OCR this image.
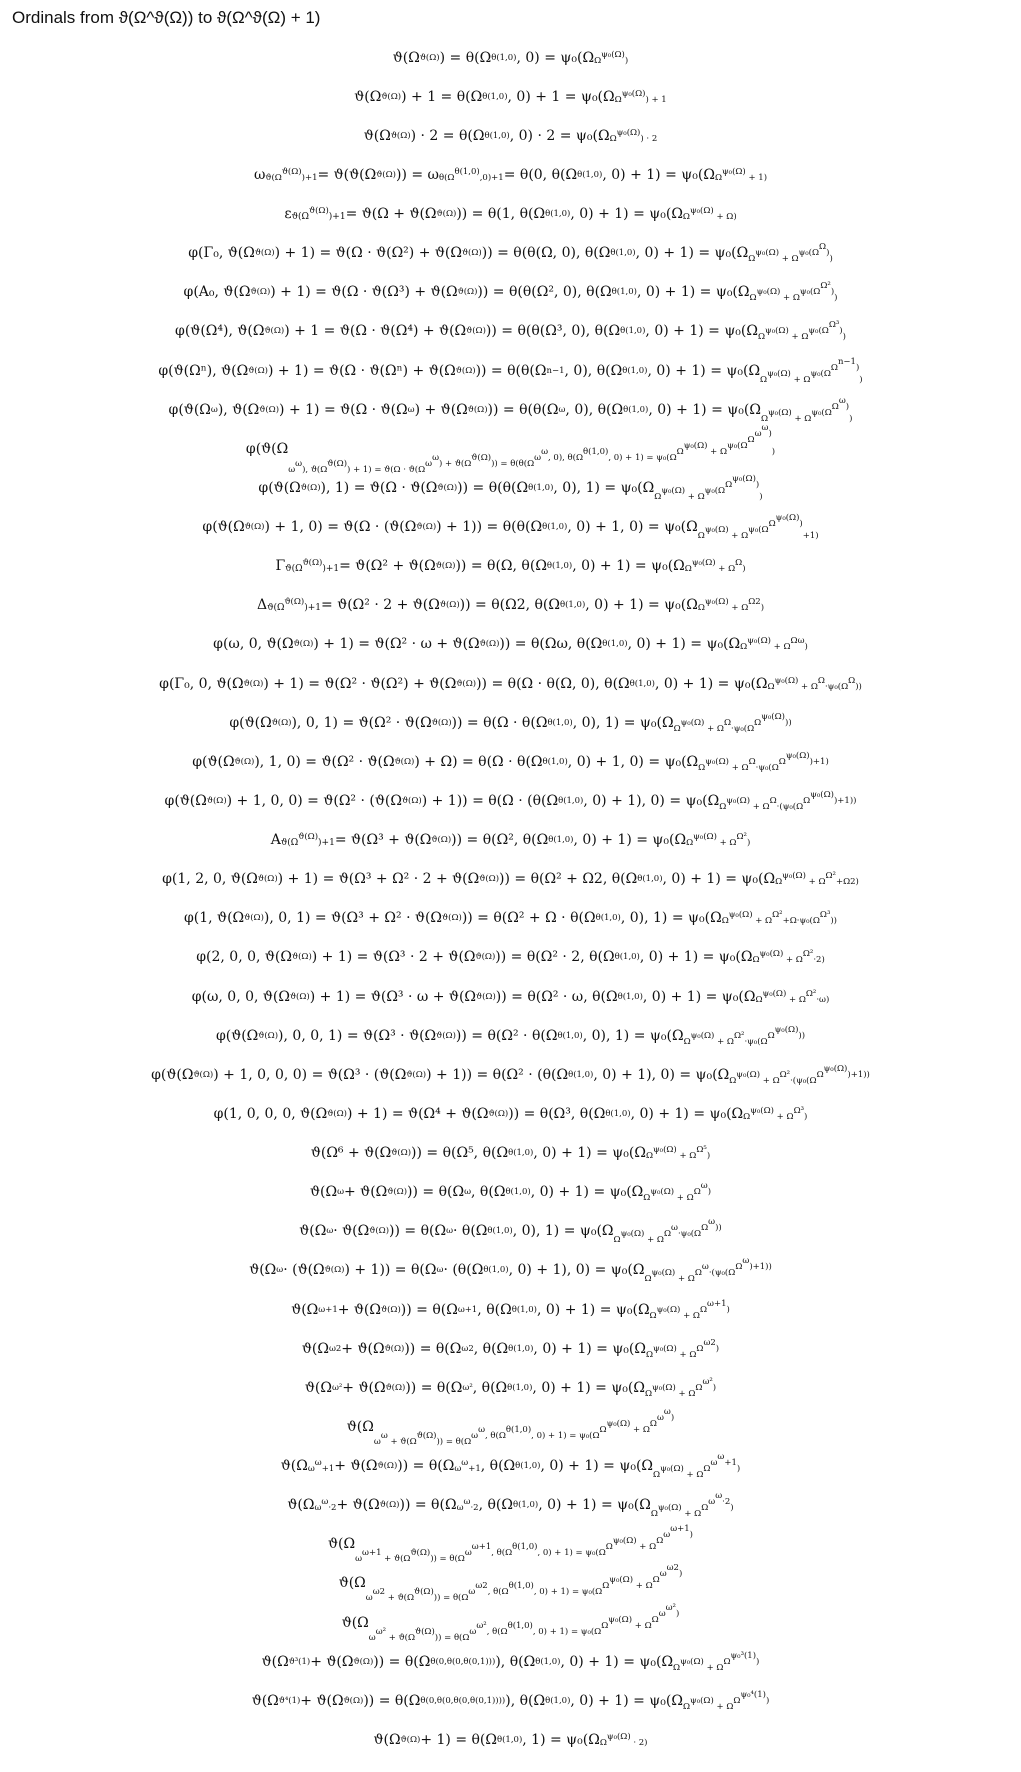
Ordinals from ϑ(Ω^ϑ(Ω)) to ϑ(Ω^ϑ(Ω) + 1)
ϑ(Ω ϑ(Ω) ) = θ(Ω θ(1,0) , 0) = ψ₀(Ω $\Omega^{\psi_0(\Omega)}$)
ϑ(Ω ϑ(Ω) ) + 1 = θ(Ω θ(1,0) , 0) + 1 = ψ₀(Ω $\Omega^{\psi_0(\Omega)}) + 1$
ϑ(Ω ϑ(Ω) ) · 2 = θ(Ω θ(1,0) , 0) · 2 = ψ₀(Ω $\Omega^{\psi_0(\Omega)}) \cdot 2$
ω $ϑ(\Omega^{ϑ(\Omega)})+1 = ϑ(ϑ(\Omega$ ϑ(Ω) )) = ω $\theta(\Omega^{\theta(1,0)},0)+1 = \theta(0$, θ(Ω θ(1,0) , 0) + 1) = ψ₀(Ω $\Omega^{\psi_0(\Omega)} + 1$)
ε $ϑ(\Omega^{ϑ(\Omega)})+1 = ϑ(\Omega + ϑ(\Omega$ ϑ(Ω) )) = θ(1, θ(Ω θ(1,0) , 0) + 1) = ψ₀(Ω $\Omega^{\psi_0(\Omega)} + \Omega$)
φ(Γ₀, ϑ(Ω ϑ(Ω) ) + 1) = ϑ(Ω · ϑ(Ω²) + ϑ(Ω ϑ(Ω) )) = θ(θ(Ω, 0), θ(Ω θ(1,0) , 0) + 1) = ψ₀(Ω $\Omega^{\psi_0(\Omega)} + \Omega^{\psi_0(\Omega^\Omega)}$)
φ(A₀, ϑ(Ω ϑ(Ω) ) + 1) = ϑ(Ω · ϑ(Ω³) + ϑ(Ω ϑ(Ω) )) = θ(θ(Ω², 0), θ(Ω θ(1,0) , 0) + 1) = ψ₀(Ω $\Omega^{\psi_0(\Omega)} + \Omega^{\psi_0(\Omega^{\Omega^2})}$)
φ(ϑ(Ω⁴), ϑ(Ω ϑ(Ω) ) + 1 = ϑ(Ω · ϑ(Ω⁴) + ϑ(Ω ϑ(Ω) )) = θ(θ(Ω³, 0), θ(Ω θ(1,0) , 0) + 1) = ψ₀(Ω $\Omega^{\psi_0(\Omega)} + \Omega^{\psi_0(\Omega^{\Omega^3})}$)
φ(ϑ(Ωⁿ), ϑ(Ω ϑ(Ω) ) + 1) = ϑ(Ω · ϑ(Ωⁿ) + ϑ(Ω ϑ(Ω) )) = θ(θ(Ω n−1 , 0), θ(Ω θ(1,0) , 0) + 1) = ψ₀(Ω
$\Omega^{\psi_0(\Omega)} + \Omega^{\psi_0(\Omega^{\Omega^{n-1})}}$)
φ(ϑ(Ω ω ), ϑ(Ω ϑ(Ω) ) + 1) = ϑ(Ω · ϑ(Ω ω ) + ϑ(Ω ϑ(Ω) )) = θ(θ(Ω ω , 0), θ(Ω θ(1,0) , 0) + 1) = ψ₀(Ω
$\Omega^{\psi_0(\Omega)} + \Omega^{\psi_0(\Omega^{\Omega^\omega)}}$)
φ(ϑ(Ω
$\omega^\omega$), $ϑ(\Omega^{ϑ(\Omega)}) + 1) = ϑ(\Omega \cdot ϑ(\Omega^{\omega^\omega) + ϑ(\Omega^{ϑ(\Omega)})) = \theta(\theta(\Omega^{\omega^\omega, 0), \theta(\Omega^{\theta(1,0)}, 0) + 1) = \psi_0(\Omega^{\Omega^{\psi_0(\Omega)} + \Omega^{\psi_0(\Omega^{\Omega^{\omega^\omega)}}})}}}$
φ(ϑ(Ω ϑ(Ω) ), 1) = ϑ(Ω · ϑ(Ω ϑ(Ω) )) = θ(θ(Ω θ(1,0) , 0), 1) = ψ₀(Ω
$\Omega^{\psi_0(\Omega)} + \Omega^{\psi_0(\Omega^{\Omega^{\psi_0(\Omega)})}}$)
φ(ϑ(Ω ϑ(Ω) ) + 1, 0) = ϑ(Ω · (ϑ(Ω ϑ(Ω) ) + 1)) = θ(θ(Ω θ(1,0) , 0) + 1, 0) = ψ₀(Ω
$\Omega^{\psi_0(\Omega)} + \Omega^{\psi_0(\Omega^{\Omega^{\psi_0(\Omega)})}}+1$)
Γ $ϑ(\Omega^{ϑ(\Omega)})+1 = ϑ(\Omega^2 + ϑ(\Omega$ ϑ(Ω) )) = θ(Ω, θ(Ω θ(1,0) , 0) + 1) = ψ₀(Ω $\Omega^{\psi_0(\Omega)} + \Omega^\Omega$)
Δ $ϑ(\Omega^{ϑ(\Omega)})+1 = ϑ(\Omega^2 \cdot 2 + ϑ(\Omega$ ϑ(Ω) )) = θ(Ω2, θ(Ω θ(1,0) , 0) + 1) = ψ₀(Ω $\Omega^{\psi_0(\Omega)} + \Omega^{\Omega 2}$)
φ(ω, 0, ϑ(Ω ϑ(Ω) ) + 1) = ϑ(Ω² · ω + ϑ(Ω ϑ(Ω) )) = θ(Ωω, θ(Ω θ(1,0) , 0) + 1) = ψ₀(Ω $\Omega^{\psi_0(\Omega)} + \Omega^{\Omega\omega}$)
φ(Γ₀, 0, ϑ(Ω ϑ(Ω) ) + 1) = ϑ(Ω² · ϑ(Ω²) + ϑ(Ω ϑ(Ω) )) = θ(Ω · θ(Ω, 0), θ(Ω θ(1,0) , 0) + 1) = ψ₀(Ω $\Omega^{\psi_0(\Omega)} + \Omega^\Omega\cdot\psi_0(\Omega^\Omega)$)
φ(ϑ(Ω ϑ(Ω) ), 0, 1) = ϑ(Ω² · ϑ(Ω ϑ(Ω) )) = θ(Ω · θ(Ω θ(1,0) , 0), 1) = ψ₀(Ω $\Omega^{\psi_0(\Omega)} + \Omega^\Omega\cdot\psi_0(\Omega^{\Omega^{\psi_0(\Omega)}))}$
φ(ϑ(Ω ϑ(Ω) ), 1, 0) = ϑ(Ω² · ϑ(Ω ϑ(Ω) ) + Ω) = θ(Ω · θ(Ω θ(1,0) , 0) + 1, 0) = ψ₀(Ω $\Omega^{\psi_0(\Omega)} + \Omega^\Omega\cdot\psi_0(\Omega^{\Omega^{\psi_0(\Omega)})+1)}$
φ(ϑ(Ω ϑ(Ω) ) + 1, 0, 0) = ϑ(Ω² · (ϑ(Ω ϑ(Ω) ) + 1)) = θ(Ω · (θ(Ω θ(1,0) , 0) + 1), 0) = ψ₀(Ω $\Omega^{\psi_0(\Omega)} + \Omega^\Omega\cdot(\psi_0(\Omega^{\Omega^{\psi_0(\Omega)})+1))}$
A $ϑ(\Omega^{ϑ(\Omega)})+1 = ϑ(\Omega^3 + ϑ(\Omega$ ϑ(Ω) )) = θ(Ω², θ(Ω θ(1,0) , 0) + 1) = ψ₀(Ω $\Omega^{\psi_0(\Omega)} + \Omega^{\Omega^2}$)
φ(1, 2, 0, ϑ(Ω ϑ(Ω) ) + 1) = ϑ(Ω³ + Ω² · 2 + ϑ(Ω ϑ(Ω) )) = θ(Ω² + Ω2, θ(Ω θ(1,0) , 0) + 1) = ψ₀(Ω $\Omega^{\psi_0(\Omega)} + \Omega^{\Omega^2}+\Omega 2$)
φ(1, ϑ(Ω ϑ(Ω) ), 0, 1) = ϑ(Ω³ + Ω² · ϑ(Ω ϑ(Ω) )) = θ(Ω² + Ω · θ(Ω θ(1,0) , 0), 1) = ψ₀(Ω $\Omega^{\psi_0(\Omega)} + \Omega^{\Omega^2}+\Omega\cdot\psi_0(\Omega^{\Omega^3})$)
φ(2, 0, 0, ϑ(Ω ϑ(Ω) ) + 1) = ϑ(Ω³ · 2 + ϑ(Ω ϑ(Ω) )) = θ(Ω² · 2, θ(Ω θ(1,0) , 0) + 1) = ψ₀(Ω $\Omega^{\psi_0(\Omega)} + \Omega^{\Omega^2}\cdot 2$)
φ(ω, 0, 0, ϑ(Ω ϑ(Ω) ) + 1) = ϑ(Ω³ · ω + ϑ(Ω ϑ(Ω) )) = θ(Ω² · ω, θ(Ω θ(1,0) , 0) + 1) = ψ₀(Ω $\Omega^{\psi_0(\Omega)} + \Omega^{\Omega^2}\cdot\omega$)
φ(ϑ(Ω ϑ(Ω) ), 0, 0, 1) = ϑ(Ω³ · ϑ(Ω ϑ(Ω) )) = θ(Ω² · θ(Ω θ(1,0) , 0), 1) = ψ₀(Ω $\Omega^{\psi_0(\Omega)} + \Omega^{\Omega^2}\cdot\psi_0(\Omega^{\Omega^{\psi_0(\Omega)}))}$
φ(ϑ(Ω ϑ(Ω) ) + 1, 0, 0, 0) = ϑ(Ω³ · (ϑ(Ω ϑ(Ω) ) + 1)) = θ(Ω² · (θ(Ω θ(1,0) , 0) + 1), 0) = ψ₀(Ω $\Omega^{\psi_0(\Omega)} + \Omega^{\Omega^2}\cdot(\psi_0(\Omega^{\Omega^{\psi_0(\Omega)})+1))}$
φ(1, 0, 0, 0, ϑ(Ω ϑ(Ω) ) + 1) = ϑ(Ω⁴ + ϑ(Ω ϑ(Ω) )) = θ(Ω³, θ(Ω θ(1,0) , 0) + 1) = ψ₀(Ω $\Omega^{\psi_0(\Omega)} + \Omega^{\Omega^3}$)
ϑ(Ω⁶ + ϑ(Ω ϑ(Ω) )) = θ(Ω⁵, θ(Ω θ(1,0) , 0) + 1) = ψ₀(Ω $\Omega^{\psi_0(\Omega)} + \Omega^{\Omega^5}$)
ϑ(Ω ω + ϑ(Ω ϑ(Ω) )) = θ(Ω ω , θ(Ω θ(1,0) , 0) + 1) = ψ₀(Ω $\Omega^{\psi_0(\Omega)} + \Omega^{\Omega^\omega)}$
ϑ(Ω ω · ϑ(Ω ϑ(Ω) )) = θ(Ω ω · θ(Ω θ(1,0) , 0), 1) = ψ₀(Ω
$\Omega^{\psi_0(\Omega)} + \Omega^{\Omega^\omega\cdot\psi_0(\Omega^{\Omega^\omega))}}$
ϑ(Ω ω · (ϑ(Ω ϑ(Ω) ) + 1)) = θ(Ω ω · (θ(Ω θ(1,0) , 0) + 1), 0) = ψ₀(Ω
$\Omega^{\psi_0(\Omega)} + \Omega^{\Omega^\omega\cdot(\psi_0(\Omega^{\Omega^\omega)+1))}}$
ϑ(Ω ω+1 + ϑ(Ω ϑ(Ω) )) = θ(Ω ω+1 , θ(Ω θ(1,0) , 0) + 1) = ψ₀(Ω $\Omega^{\psi_0(\Omega)} + \Omega^{\Omega^{\omega+1})}$
ϑ(Ω ω2 + ϑ(Ω ϑ(Ω) )) = θ(Ω ω2 , θ(Ω θ(1,0) , 0) + 1) = ψ₀(Ω $\Omega^{\psi_0(\Omega)} + \Omega^{\Omega^{\omega 2})}$
ϑ(Ω ω² + ϑ(Ω ϑ(Ω) )) = θ(Ω ω² , θ(Ω θ(1,0) , 0) + 1) = ψ₀(Ω $\Omega^{\psi_0(\Omega)} + \Omega^{\Omega^{\omega^2})}$
ϑ(Ω
$\omega^\omega + ϑ(\Omega^{ϑ(\Omega)})) = \theta(\Omega^{\omega^\omega, \theta(\Omega^{\theta(1,0)}, 0) + 1) = \psi_0(\Omega^{\Omega^{\psi_0(\Omega)} + \Omega^{\Omega^{\omega^\omega)}}}}$
ϑ(Ω $\omega^\omega+1 + ϑ(\Omega$ ϑ(Ω) )) = θ(Ω $\omega^\omega+1$ , θ(Ω θ(1,0) , 0) + 1) = ψ₀(Ω
$\Omega^{\psi_0(\Omega)} + \Omega^{\Omega^{\omega^\omega+1})}$
ϑ(Ω $\omega^\omega\cdot 2 + ϑ(\Omega$ ϑ(Ω) )) = θ(Ω $\omega^\omega\cdot 2$ , θ(Ω θ(1,0) , 0) + 1) = ψ₀(Ω
$\Omega^{\psi_0(\Omega)} + \Omega^{\Omega^{\omega^\omega\cdot 2})}$
ϑ(Ω
$\omega^{\omega+1} + ϑ(\Omega^{ϑ(\Omega)})) = \theta(\Omega^{\omega^{\omega+1}, \theta(\Omega^{\theta(1,0)}, 0) + 1) = \psi_0(\Omega^{\Omega^{\psi_0(\Omega)} + \Omega^{\Omega^{\omega^{\omega+1})}}}}$
ϑ(Ω
$\omega^{\omega 2} + ϑ(\Omega^{ϑ(\Omega)})) = \theta(\Omega^{\omega^{\omega 2}, \theta(\Omega^{\theta(1,0)}, 0) + 1) = \psi_0(\Omega^{\Omega^{\psi_0(\Omega)} + \Omega^{\Omega^{\omega^{\omega 2})}}}}$
ϑ(Ω
$\omega^{\omega^2} + ϑ(\Omega^{ϑ(\Omega)})) = \theta(\Omega^{\omega^{\omega^2}, \theta(\Omega^{\theta(1,0)}, 0) + 1) = \psi_0(\Omega^{\Omega^{\psi_0(\Omega)} + \Omega^{\Omega^{\omega^{\omega^2})}}}}$
ϑ(Ω ϑ³(1) + ϑ(Ω ϑ(Ω) )) = θ(Ω θ(0,θ(0,θ(0,1))) ), θ(Ω θ(1,0) , 0) + 1) = ψ₀(Ω $\Omega^{\psi_0(\Omega)} + \Omega^{\Omega^{\psi_0^3(1)})}$
ϑ(Ω ϑ⁴(1) + ϑ(Ω ϑ(Ω) )) = θ(Ω θ(0,θ(0,θ(0,θ(0,1)))) ), θ(Ω θ(1,0) , 0) + 1) = ψ₀(Ω $\Omega^{\psi_0(\Omega)} + \Omega^{\Omega^{\psi_0^4(1)})}$
ϑ(Ω ϑ(Ω) + 1) = θ(Ω θ(1,0) , 1) = ψ₀(Ω $\Omega^{\psi_0(\Omega)} \cdot 2$)
